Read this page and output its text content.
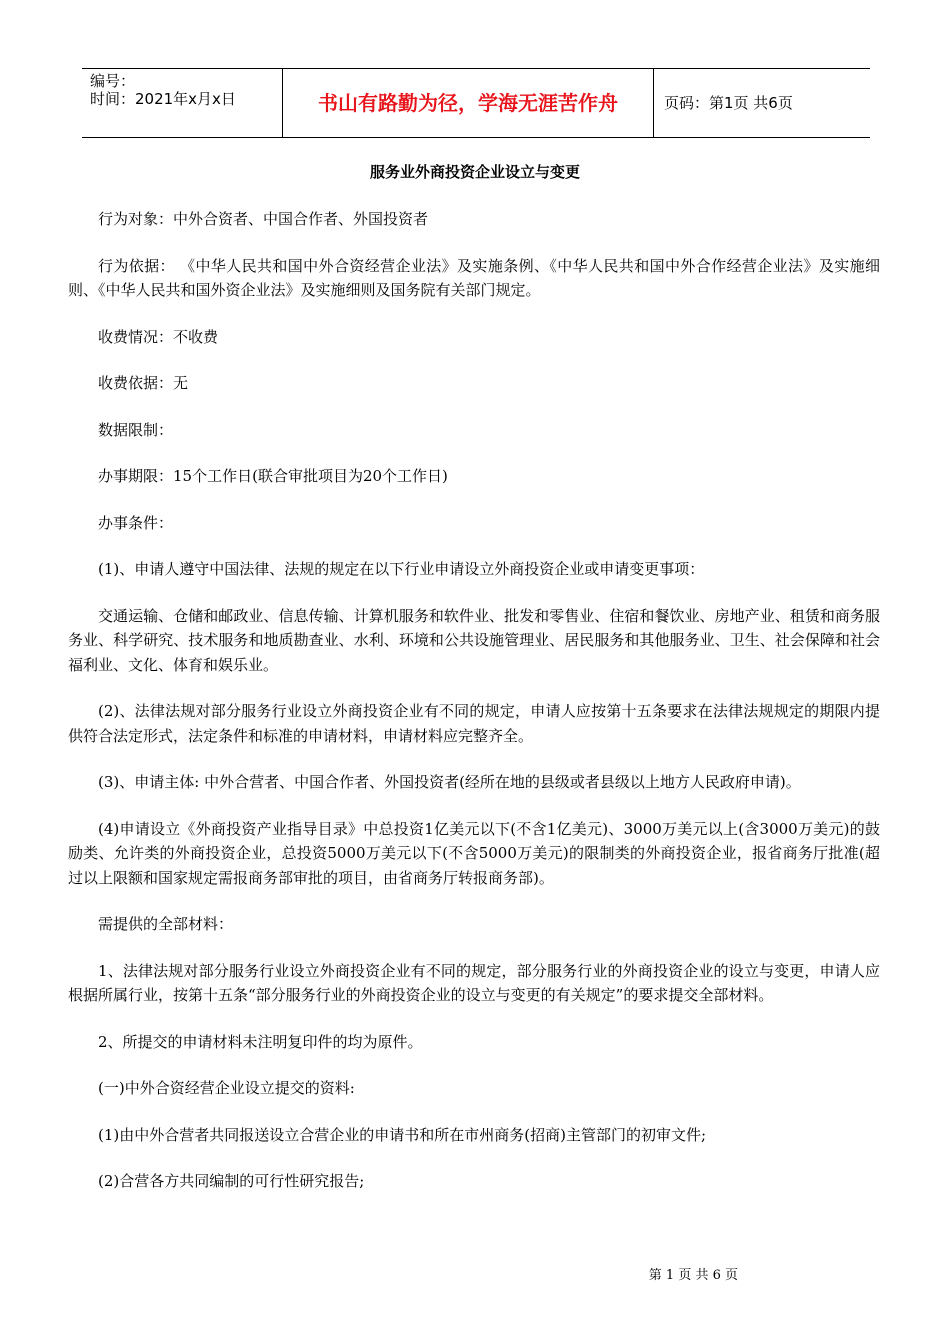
编号：
时间：2021年x月x日	书山有路勤为径，学海无涯苦作舟	页码：第1页 共6页
服务业外商投资企业设立与变更

行为对象：中外合资者、中国合作者、外国投资者

行为依据： 《中华人民共和国中外合资经营企业法》及实施条例、《中华人民共和国中外合作经营企业法》及实施细则、《中华人民共和国外资企业法》及实施细则及国务院有关部门规定。

收费情况：不收费

收费依据：无

数据限制：

办事期限：15个工作日(联合审批项目为20个工作日)

办事条件：

(1)、申请人遵守中国法律、法规的规定在以下行业申请设立外商投资企业或申请变更事项：

交通运输、仓储和邮政业、信息传输、计算机服务和软件业、批发和零售业、住宿和餐饮业、房地产业、租赁和商务服务业、科学研究、技术服务和地质勘查业、水利、环境和公共设施管理业、居民服务和其他服务业、卫生、社会保障和社会福利业、文化、体育和娱乐业。

(2)、法律法规对部分服务行业设立外商投资企业有不同的规定，申请人应按第十五条要求在法律法规规定的期限内提供符合法定形式，法定条件和标准的申请材料，申请材料应完整齐全。

(3)、申请主体: 中外合营者、中国合作者、外国投资者(经所在地的县级或者县级以上地方人民政府申请)。

(4)申请设立《外商投资产业指导目录》中总投资1亿美元以下(不含1亿美元)、3000万美元以上(含3000万美元)的鼓励类、允许类的外商投资企业，总投资5000万美元以下(不含5000万美元)的限制类的外商投资企业，报省商务厅批准(超过以上限额和国家规定需报商务部审批的项目，由省商务厅转报商务部)。

需提供的全部材料：

1、法律法规对部分服务行业设立外商投资企业有不同的规定，部分服务行业的外商投资企业的设立与变更，申请人应根据所属行业，按第十五条“部分服务行业的外商投资企业的设立与变更的有关规定”的要求提交全部材料。

2、所提交的申请材料未注明复印件的均为原件。

(一)中外合资经营企业设立提交的资料:

(1)由中外合营者共同报送设立合营企业的申请书和所在市州商务(招商)主管部门的初审文件;

(2)合营各方共同编制的可行性研究报告;

第 1 页 共 6 页
